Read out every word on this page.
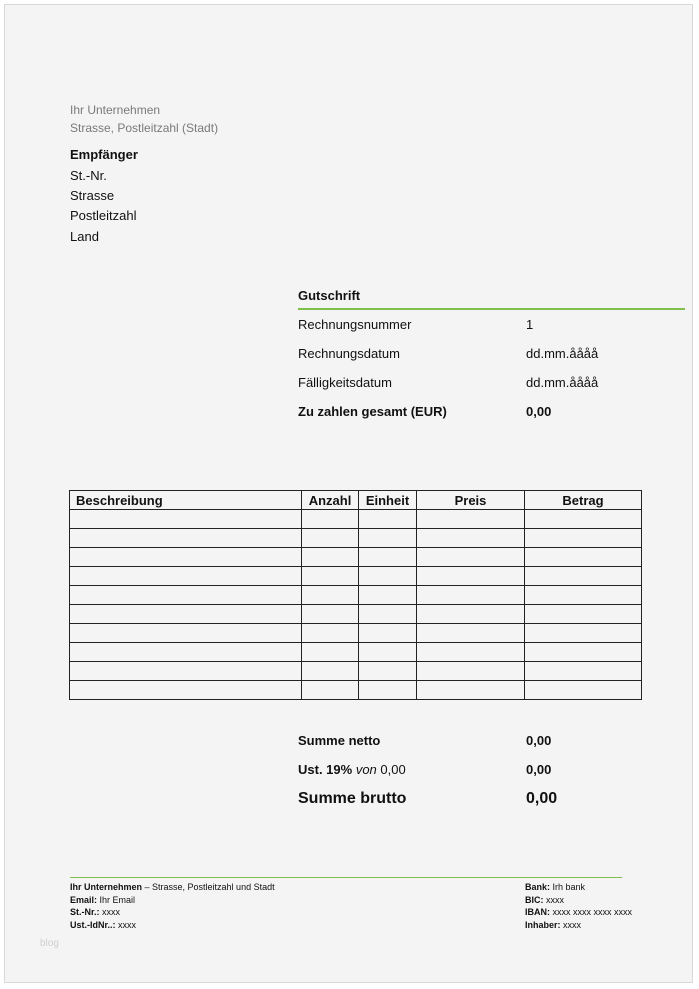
Ihr Unternehmen
Strasse, Postleitzahl (Stadt)
Empfänger
St.-Nr.
Strasse
Postleitzahl
Land
Gutschrift
Rechnungsnummer	1
Rechnungsdatum	dd.mm.åååå
Fälligkeitsdatum	dd.mm.åååå
Zu zahlen gesamt (EUR)	0,00
Summe netto	0,00
Ust. 19% von 0,00	0,00
Summe brutto	0,00
Ihr Unternehmen – Strasse, Postleitzahl und Stadt
Email: Ihr Email
St.-Nr.: xxxx
Ust.-IdNr..: xxxx
Bank: Irh bank
BIC: xxxx
IBAN: xxxx xxxx xxxx xxxx
Inhaber: xxxx
blog
Beschreibung	Anzahl	Einheit	Preis	Betrag
